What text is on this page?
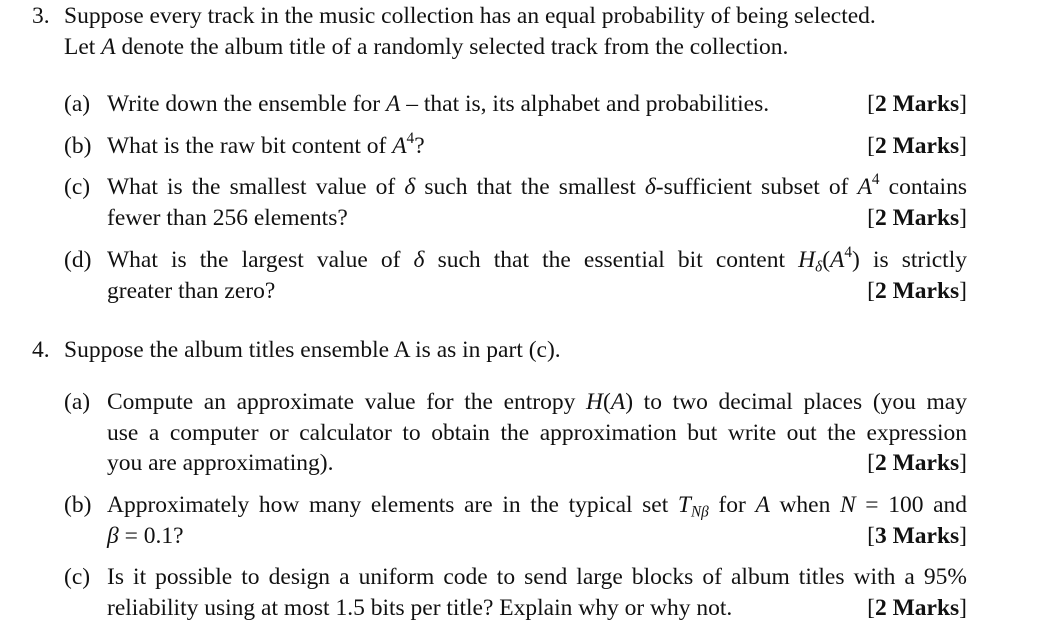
3. Suppose every track in the music collection has an equal probability of being selected.
Let A denote the album title of a randomly selected track from the collection.
(a) Write down the ensemble for A – that is, its alphabet and probabilities.	[2 Marks]
(b) What is the raw bit content of $A^4$?	[2 Marks]
(c) What is the smallest value of δ such that the smallest δ-sufficient subset of $A^4$ contains
fewer than 256 elements?	[2 Marks]
(d) What is the largest value of δ such that the essential bit content $H_\delta(A^4)$ is strictly
greater than zero?	[2 Marks]
4. Suppose the album titles ensemble A is as in part (c).
(a) Compute an approximate value for the entropy H(A) to two decimal places (you may
use a computer or calculator to obtain the approximation but write out the expression
you are approximating).	[2 Marks]
(b) Approximately how many elements are in the typical set $T_{N\beta}$ for A when N = 100 and
β = 0.1?	[3 Marks]
(c) Is it possible to design a uniform code to send large blocks of album titles with a 95%
reliability using at most 1.5 bits per title? Explain why or why not.	[2 Marks]
